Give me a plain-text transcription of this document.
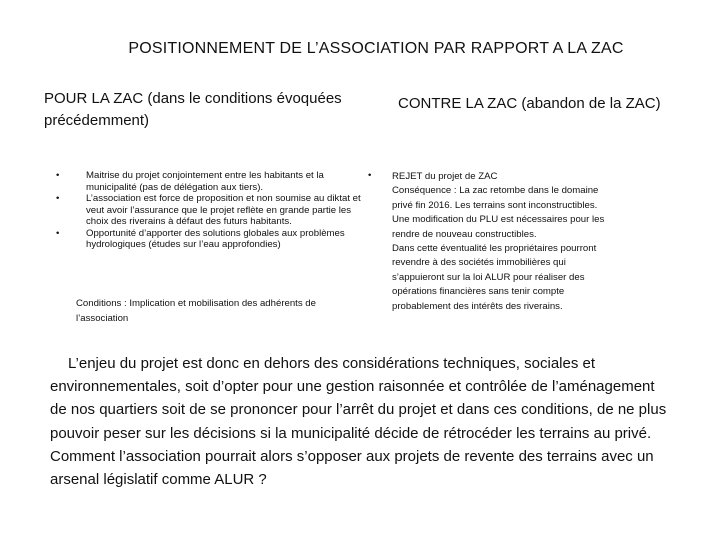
POSITIONNEMENT DE L’ASSOCIATION PAR RAPPORT A LA ZAC
POUR LA ZAC (dans le conditions évoquées précédemment)
CONTRE LA ZAC (abandon de la ZAC)
•	Maitrise du projet conjointement entre les habitants et la municipalité (pas de délégation aux tiers).
•	L’association est force de proposition et non soumise au diktat et veut avoir l’assurance que le projet reflète en grande partie les choix des riverains à défaut des futurs habitants.
•	Opportunité d’apporter des solutions globales aux problèmes hydrologiques (études sur l’eau approfondies)
Conditions : Implication et mobilisation des adhérents de l’association
• REJET du projet de ZAC
Conséquence : La zac retombe dans le domaine
privé fin 2016. Les terrains sont inconstructibles.
Une modification du PLU est nécessaires pour les
rendre de nouveau constructibles.
Dans cette éventualité les propriétaires pourront
revendre à des sociétés immobilières qui
s’appuieront sur la loi ALUR pour réaliser des
opérations financières sans tenir compte
probablement des intérêts des riverains.
L’enjeu du projet est donc en dehors des considérations techniques, sociales et environnementales, soit d’opter pour une gestion raisonnée et contrôlée de l’aménagement de nos quartiers soit de se prononcer pour l’arrêt du projet et dans ces conditions, de ne plus pouvoir peser sur les décisions si la municipalité décide de rétrocéder les terrains au privé. Comment l’association pourrait alors s’opposer aux projets de revente des terrains avec un arsenal législatif comme ALUR ?
